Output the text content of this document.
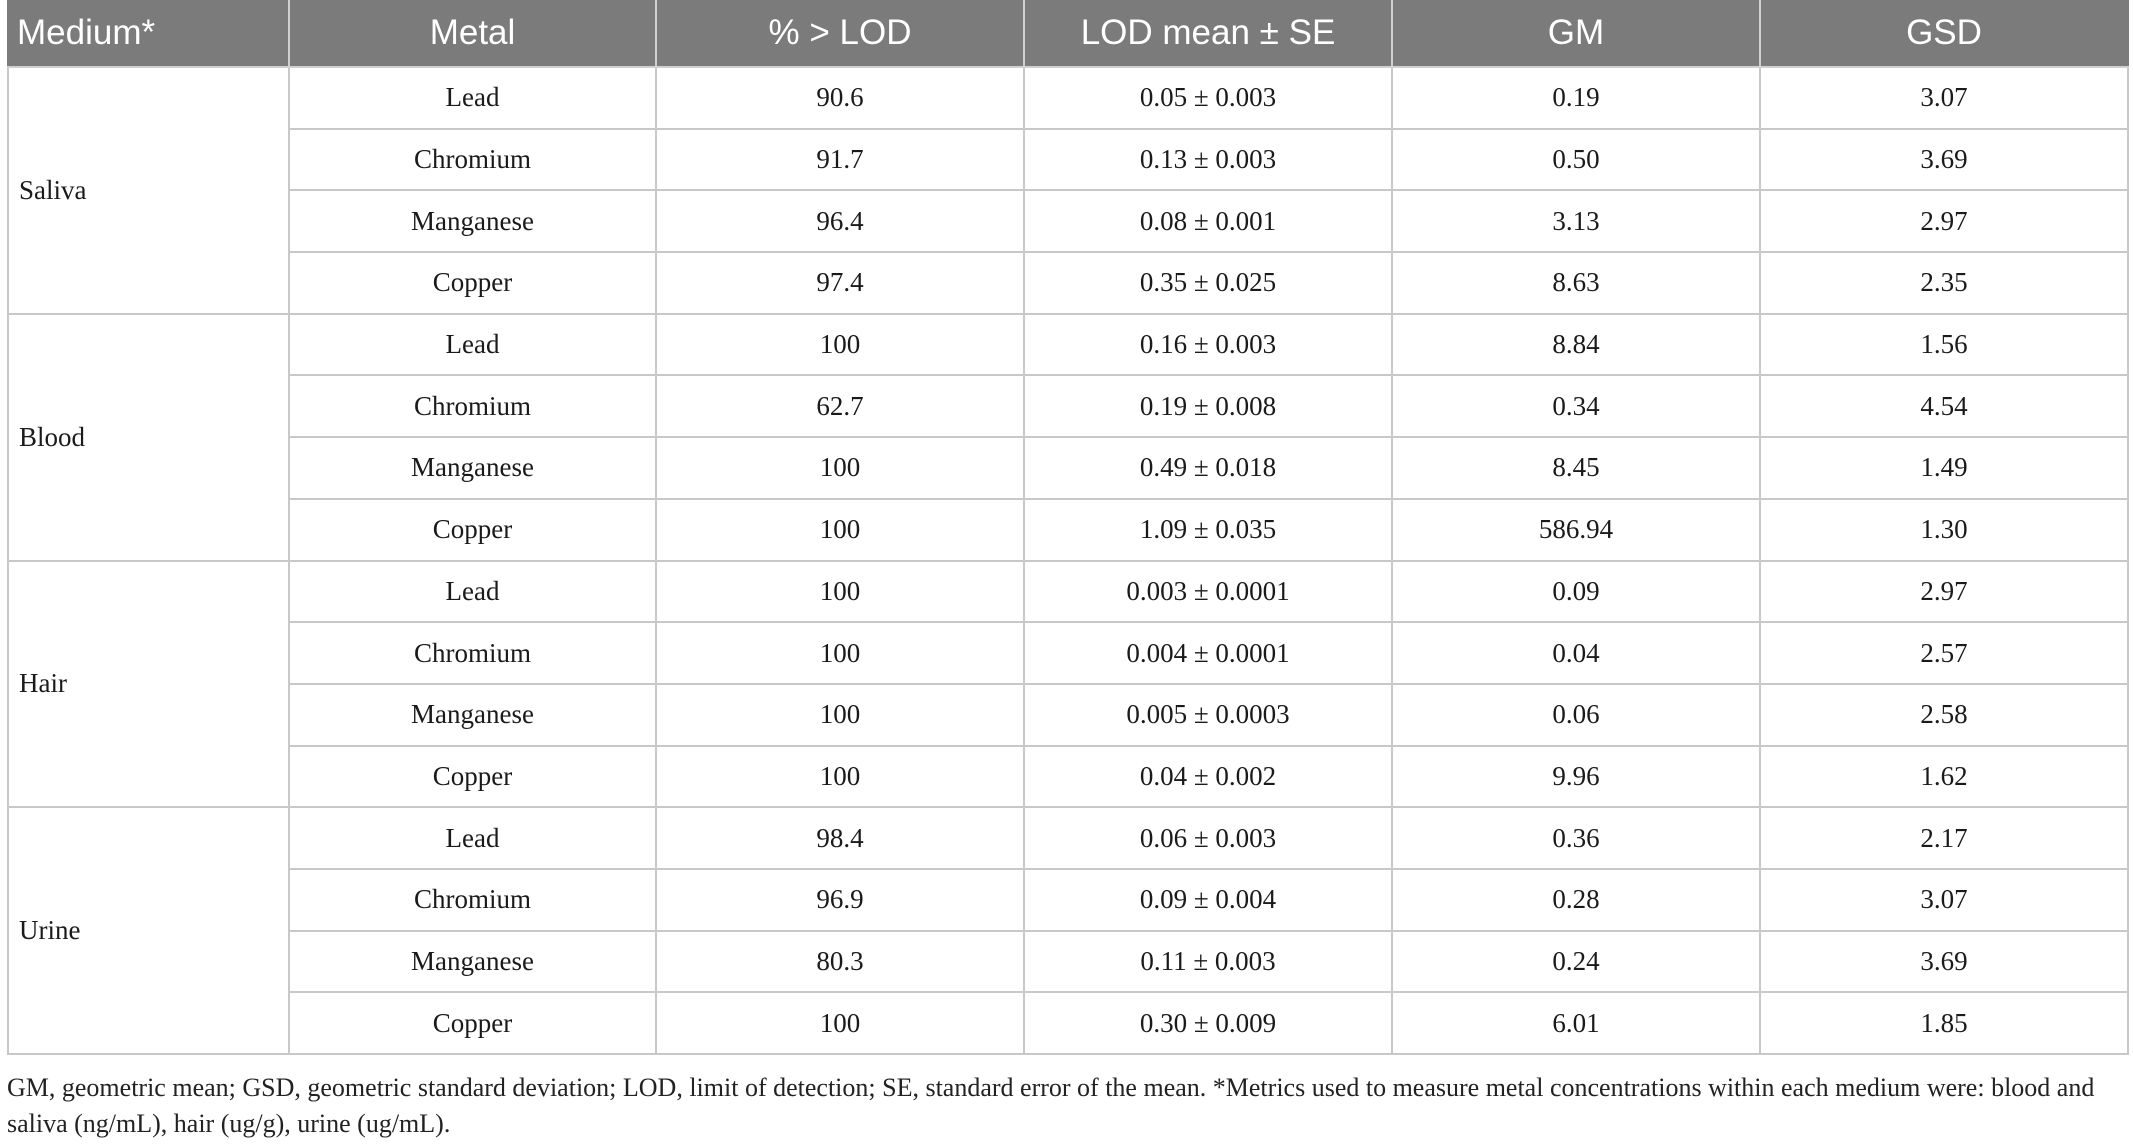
Medium*	Metal	% > LOD	LOD mean ± SE	GM	GSD
Saliva	Lead	90.6	0.05 ± 0.003	0.19	3.07
	Chromium	91.7	0.13 ± 0.003	0.50	3.69
	Manganese	96.4	0.08 ± 0.001	3.13	2.97
	Copper	97.4	0.35 ± 0.025	8.63	2.35
Blood	Lead	100	0.16 ± 0.003	8.84	1.56
	Chromium	62.7	0.19 ± 0.008	0.34	4.54
	Manganese	100	0.49 ± 0.018	8.45	1.49
	Copper	100	1.09 ± 0.035	586.94	1.30
Hair	Lead	100	0.003 ± 0.0001	0.09	2.97
	Chromium	100	0.004 ± 0.0001	0.04	2.57
	Manganese	100	0.005 ± 0.0003	0.06	2.58
	Copper	100	0.04 ± 0.002	9.96	1.62
Urine	Lead	98.4	0.06 ± 0.003	0.36	2.17
	Chromium	96.9	0.09 ± 0.004	0.28	3.07
	Manganese	80.3	0.11 ± 0.003	0.24	3.69
	Copper	100	0.30 ± 0.009	6.01	1.85

GM, geometric mean; GSD, geometric standard deviation; LOD, limit of detection; SE, standard error of the mean. *Metrics used to measure metal concentrations within each medium were: blood and saliva (ng/mL), hair (ug/g), urine (ug/mL).
